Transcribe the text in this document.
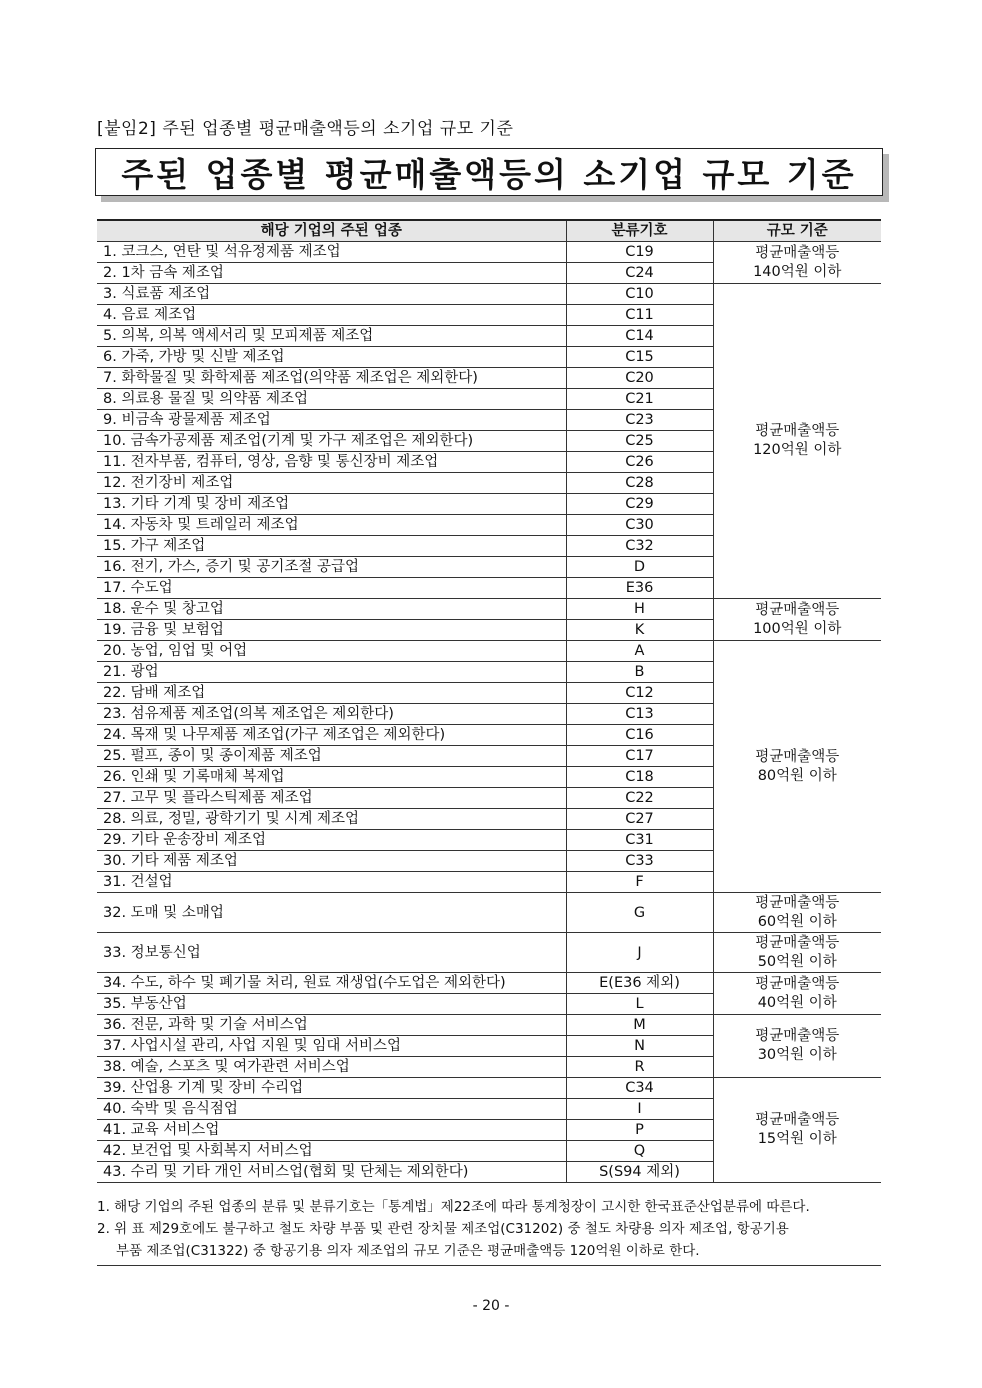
[붙임2] 주된 업종별 평균매출액등의 소기업 규모 기준
주된 업종별 평균매출액등의 소기업 규모 기준
해당 기업의 주된 업종	분류기호	규모 기준
1. 코크스, 연탄 및 석유정제품 제조업	C19	평균매출액등
140억원 이하

2. 1차 금속 제조업	C24	
3. 식료품 제조업	C10	평균매출액등
120억원 이하

4. 음료 제조업	C11	
5. 의복, 의복 액세서리 및 모피제품 제조업	C14	
6. 가죽, 가방 및 신발 제조업	C15	
7. 화학물질 및 화학제품 제조업(의약품 제조업은 제외한다)	C20	
8. 의료용 물질 및 의약품 제조업	C21	
9. 비금속 광물제품 제조업	C23	
10. 금속가공제품 제조업(기계 및 가구 제조업은 제외한다)	C25	
11. 전자부품, 컴퓨터, 영상, 음향 및 통신장비 제조업	C26	
12. 전기장비 제조업	C28	
13. 기타 기계 및 장비 제조업	C29	
14. 자동차 및 트레일러 제조업	C30	
15. 가구 제조업	C32	
16. 전기, 가스, 증기 및 공기조절 공급업	D	
17. 수도업	E36	
18. 운수 및 창고업	H	평균매출액등
100억원 이하

19. 금융 및 보험업	K	
20. 농업, 임업 및 어업	A	평균매출액등
80억원 이하

21. 광업	B	
22. 담배 제조업	C12	
23. 섬유제품 제조업(의복 제조업은 제외한다)	C13	
24. 목재 및 나무제품 제조업(가구 제조업은 제외한다)	C16	
25. 펄프, 종이 및 종이제품 제조업	C17	
26. 인쇄 및 기록매체 복제업	C18	
27. 고무 및 플라스틱제품 제조업	C22	
28. 의료, 정밀, 광학기기 및 시계 제조업	C27	
29. 기타 운송장비 제조업	C31	
30. 기타 제품 제조업	C33	
31. 건설업	F	
32. 도매 및 소매업	G	평균매출액등
60억원 이하

33. 정보통신업	J	평균매출액등
50억원 이하

34. 수도, 하수 및 폐기물 처리, 원료 재생업(수도업은 제외한다)	E(E36 제외)	평균매출액등
40억원 이하

35. 부동산업	L	
36. 전문, 과학 및 기술 서비스업	M	평균매출액등
30억원 이하

37. 사업시설 관리, 사업 지원 및 임대 서비스업	N	
38. 예술, 스포츠 및 여가관련 서비스업	R	
39. 산업용 기계 및 장비 수리업	C34	평균매출액등
15억원 이하

40. 숙박 및 음식점업	I	
41. 교육 서비스업	P	
42. 보건업 및 사회복지 서비스업	Q	
43. 수리 및 기타 개인 서비스업(협회 및 단체는 제외한다)	S(S94 제외)	

1. 해당 기업의 주된 업종의 분류 및 분류기호는「통계법」제22조에 따라 통계청장이 고시한 한국표준산업분류에 따른다.

2. 위 표 제29호에도 불구하고 철도 차량 부품 및 관련 장치물 제조업(C31202) 중 철도 차량용 의자 제조업, 항공기용

부품 제조업(C31322) 중 항공기용 의자 제조업의 규모 기준은 평균매출액등 120억원 이하로 한다.

- 20 -
